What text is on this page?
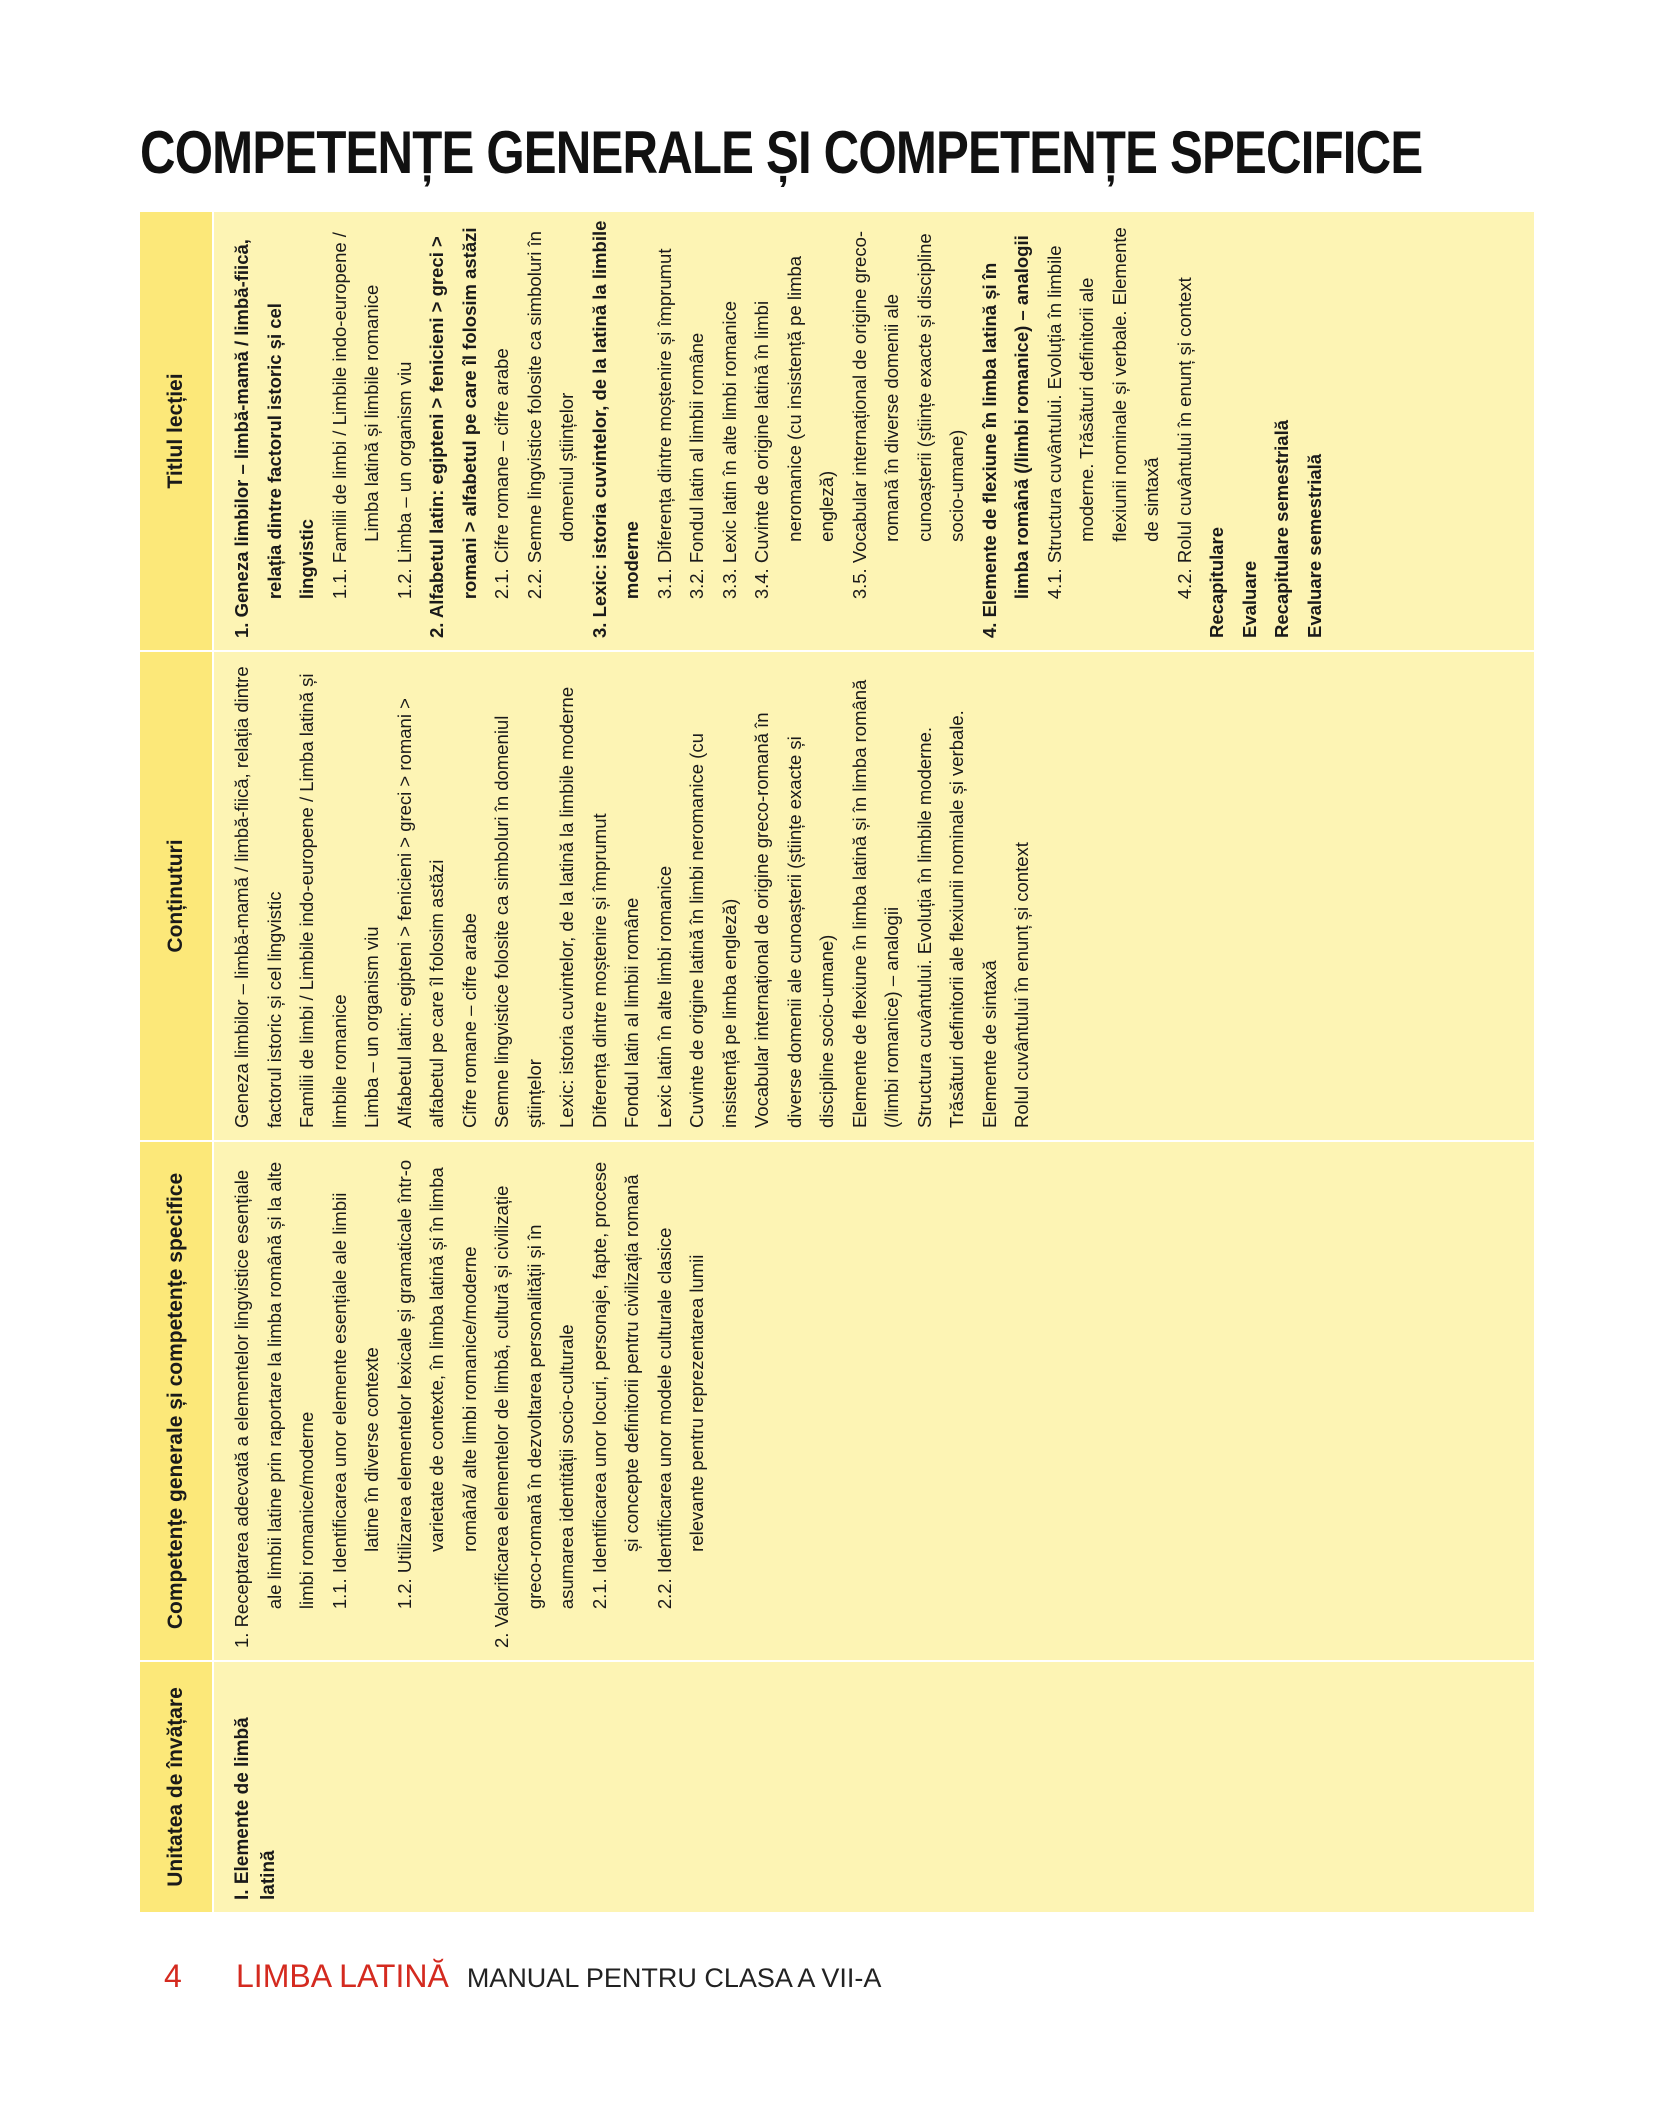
COMPETENȚE GENERALE ȘI COMPETENȚE SPECIFICE
Unitatea de învățare
Competențe generale și competențe specifice
Conținuturi
Titlul lecției
I. Elemente de limbă latină
1. Receptarea adecvată a elementelor lingvistice esențiale ale limbii latine prin raportare la limba română și la alte limbi romanice/moderne 1.1. Identificarea unor elemente esențiale ale limbii latine în diverse contexte 1.2. Utilizarea elementelor lexicale și gramaticale într-o varietate de contexte, în limba latină și în limba română/ alte limbi romanice/moderne 2. Valorificarea elementelor de limbă, cultură și civilizație greco-romană în dezvoltarea personalității și în asumarea identității socio-culturale 2.1. Identificarea unor locuri, personaje, fapte, procese și concepte definitorii pentru civilizația romană 2.2. Identificarea unor modele culturale clasice relevante pentru reprezentarea lumii
Geneza limbilor – limbă-mamă / limbă-fiică, relația dintre factorul istoric și cel lingvistic Familii de limbi / Limbile indo-europene / Limba latină și limbile romanice Limba – un organism viu Alfabetul latin: egipteni > fenicieni > greci > romani > alfabetul pe care îl folosim astăzi Cifre romane – cifre arabe Semne lingvistice folosite ca simboluri în domeniul științelor Lexic: istoria cuvintelor, de la latină la limbile moderne Diferența dintre moștenire și împrumut Fondul latin al limbii române Lexic latin în alte limbi romanice Cuvinte de origine latină în limbi neromanice (cu insistență pe limba engleză) Vocabular internațional de origine greco-romană în diverse domenii ale cunoașterii (științe exacte și discipline socio-umane) Elemente de flexiune în limba latină și în limba română (/limbi romanice) – analogii Structura cuvântului. Evoluția în limbile moderne. Trăsături definitorii ale flexiunii nominale și verbale. Elemente de sintaxă Rolul cuvântului în enunț și context
1. Geneza limbilor – limbă-mamă / limbă-fiică, relația dintre factorul istoric și cel lingvistic 1.1. Familii de limbi / Limbile indo-europene / Limba latină și limbile romanice 1.2. Limba – un organism viu 2. Alfabetul latin: egipteni > fenicieni > greci > romani > alfabetul pe care îl folosim astăzi 2.1. Cifre romane – cifre arabe 2.2. Semne lingvistice folosite ca simboluri în domeniul științelor 3. Lexic: istoria cuvintelor, de la latină la limbile moderne 3.1. Diferența dintre moștenire și împrumut 3.2. Fondul latin al limbii române 3.3. Lexic latin în alte limbi romanice 3.4. Cuvinte de origine latină în limbi neromanice (cu insistență pe limba engleză) 3.5. Vocabular internațional de origine greco-romană în diverse domenii ale cunoașterii (științe exacte și discipline socio-umane) 4. Elemente de flexiune în limba latină și în limba română (/limbi romanice) – analogii 4.1. Structura cuvântului. Evoluția în limbile moderne. Trăsături definitorii ale flexiunii nominale și verbale. Elemente de sintaxă 4.2. Rolul cuvântului în enunț și context Recapitulare Evaluare Recapitulare semestrială Evaluare semestrială
4	LIMBA LATINĂ MANUAL PENTRU CLASA A VII-A
